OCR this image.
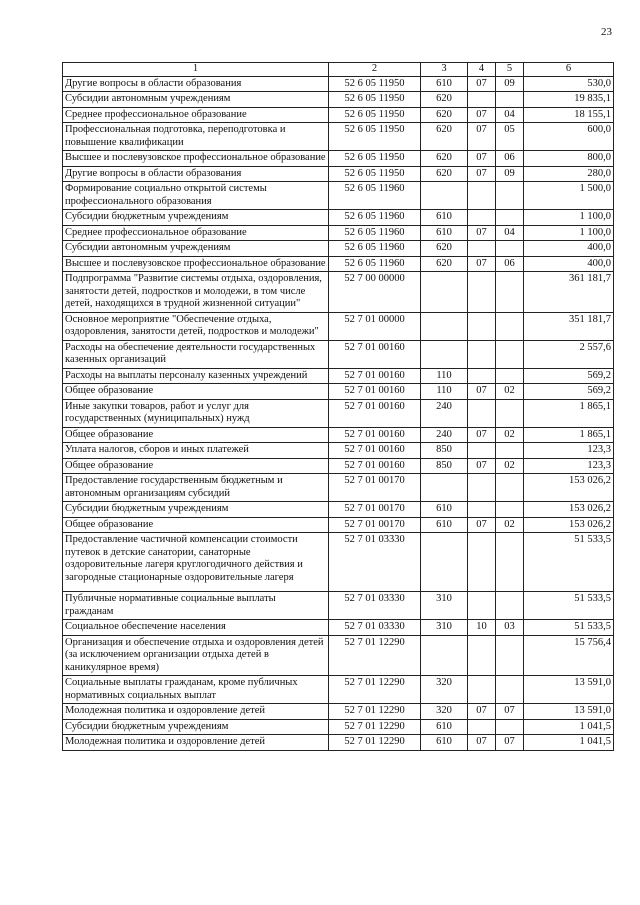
23
1	2	3	4	5	6
Другие вопросы в области образования	52 6 05 11950	610	07	09	530,0
Субсидии автономным учреждениям	52 6 05 11950	620			19 835,1
Среднее профессиональное образование	52 6 05 11950	620	07	04	18 155,1
Профессиональная подготовка, переподготовка и повышение квалификации	52 6 05 11950	620	07	05	600,0
Высшее и послевузовское профессиональное образование	52 6 05 11950	620	07	06	800,0
Другие вопросы в области образования	52 6 05 11950	620	07	09	280,0
Формирование социально открытой системы профессионального образования	52 6 05 11960				1 500,0
Субсидии бюджетным учреждениям	52 6 05 11960	610			1 100,0
Среднее профессиональное образование	52 6 05 11960	610	07	04	1 100,0
Субсидии автономным учреждениям	52 6 05 11960	620			400,0
Высшее и послевузовское профессиональное образование	52 6 05 11960	620	07	06	400,0
Подпрограмма "Развитие системы отдыха, оздоровления, занятости детей, подростков и молодежи, в том числе детей, находящихся в трудной жизненной ситуации"	52 7 00 00000				361 181,7
Основное мероприятие "Обеспечение отдыха, оздоровления, занятости детей, подростков и молодежи"	52 7 01 00000				351 181,7
Расходы на обеспечение деятельности государственных казенных организаций	52 7 01 00160				2 557,6
Расходы на выплаты персоналу казенных учреждений	52 7 01 00160	110			569,2
Общее образование	52 7 01 00160	110	07	02	569,2
Иные закупки товаров, работ и услуг для государственных (муниципальных) нужд	52 7 01 00160	240			1 865,1
Общее образование	52 7 01 00160	240	07	02	1 865,1
Уплата налогов, сборов и иных платежей	52 7 01 00160	850			123,3
Общее образование	52 7 01 00160	850	07	02	123,3
Предоставление государственным бюджетным и автономным организациям субсидий	52 7 01 00170				153 026,2
Субсидии бюджетным учреждениям	52 7 01 00170	610			153 026,2
Общее образование	52 7 01 00170	610	07	02	153 026,2
Предоставление частичной компенсации стоимости путевок в детские санатории, санаторные оздоровительные лагеря круглогодичного действия и загородные стационарные оздоровительные лагеря	52 7 01 03330				51 533,5
Публичные нормативные социальные выплаты гражданам	52 7 01 03330	310			51 533,5
Социальное обеспечение населения	52 7 01 03330	310	10	03	51 533,5
Организация и обеспечение отдыха и оздоровления детей (за исключением организации отдыха детей в каникулярное время)	52 7 01 12290				15 756,4
Социальные выплаты гражданам, кроме публичных нормативных социальных выплат	52 7 01 12290	320			13 591,0
Молодежная политика и оздоровление детей	52 7 01 12290	320	07	07	13 591,0
Субсидии бюджетным учреждениям	52 7 01 12290	610			1 041,5
Молодежная политика и оздоровление детей	52 7 01 12290	610	07	07	1 041,5
